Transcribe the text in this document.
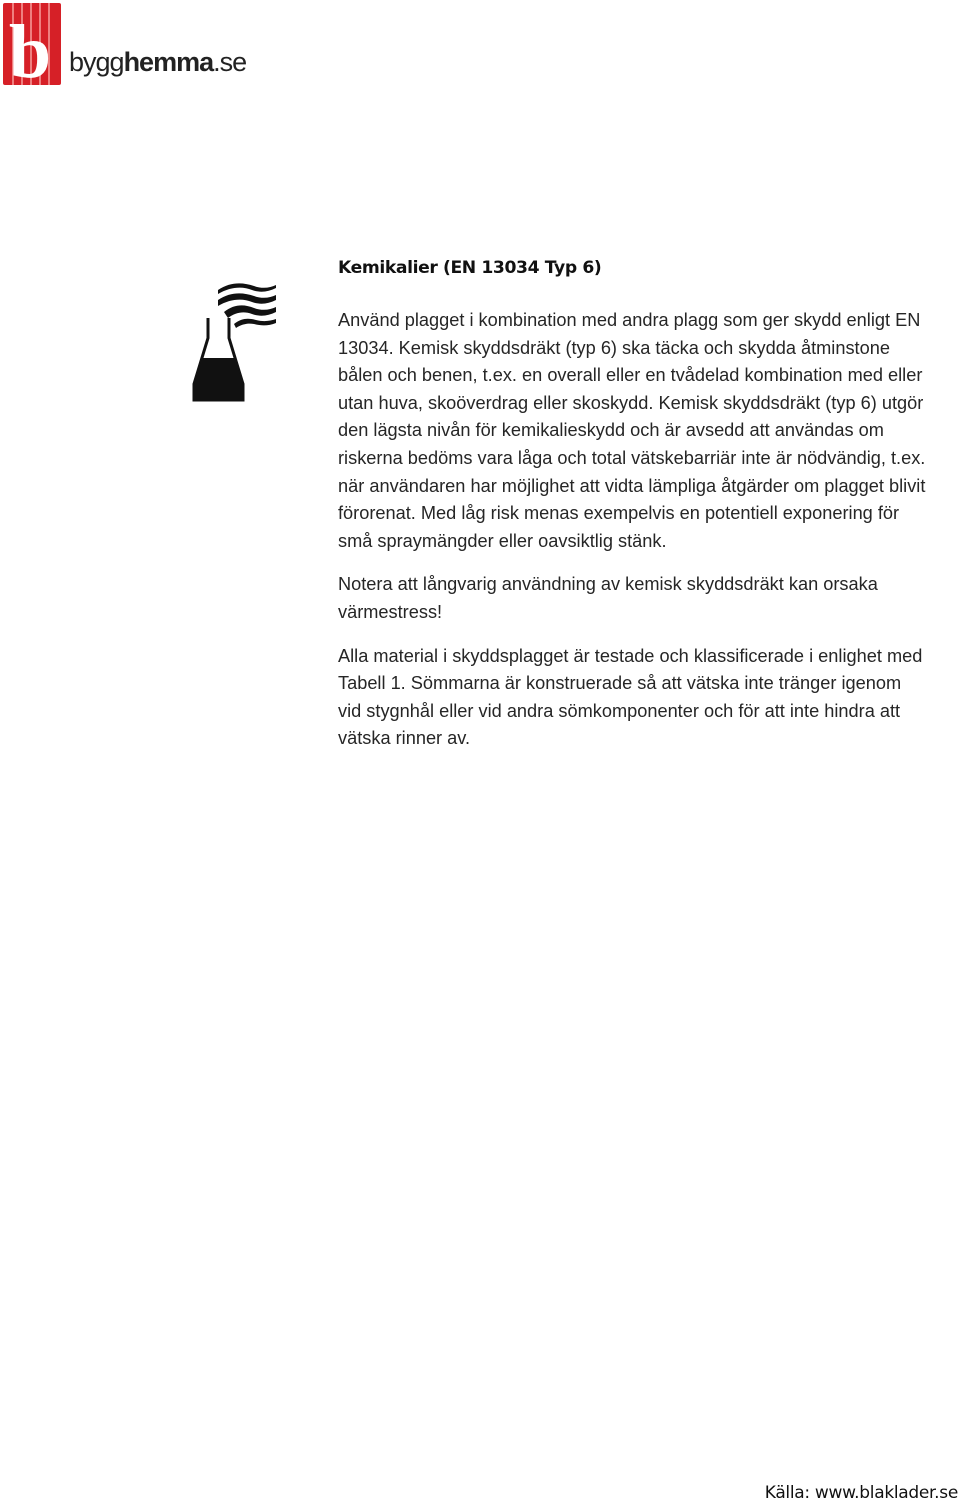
b bygghemma.se
Kemikalier (EN 13034 Typ 6)

Använd plagget i kombination med andra plagg som ger skydd enligt EN
13034. Kemisk skyddsdräkt (typ 6) ska täcka och skydda åtminstone
bålen och benen, t.ex. en overall eller en tvådelad kombination med eller
utan huva, skoöverdrag eller skoskydd. Kemisk skyddsdräkt (typ 6) utgör
den lägsta nivån för kemikalieskydd och är avsedd att användas om
riskerna bedöms vara låga och total vätskebarriär inte är nödvändig, t.ex.
när användaren har möjlighet att vidta lämpliga åtgärder om plagget blivit
förorenat. Med låg risk menas exempelvis en potentiell exponering för
små spraymängder eller oavsiktlig stänk.

Notera att långvarig användning av kemisk skyddsdräkt kan orsaka
värmestress!

Alla material i skyddsplagget är testade och klassificerade i enlighet med
Tabell 1. Sömmarna är konstruerade så att vätska inte tränger igenom
vid stygnhål eller vid andra sömkomponenter och för att inte hindra att
vätska rinner av.

Källa: www.blaklader.se
